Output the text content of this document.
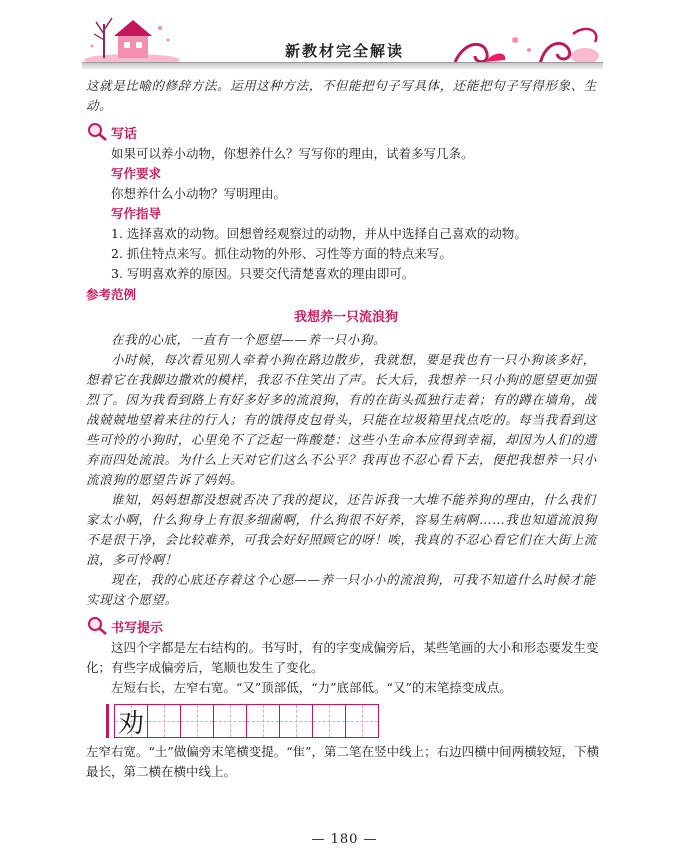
新教材完全解读

这就是比喻的修辞方法。运用这种方法，不但能把句子写具体，还能把句子写得形象、生动。

写话

如果可以养小动物，你想养什么？写写你的理由，试着多写几条。

写作要求

你想养什么小动物？写明理由。

写作指导

1. 选择喜欢的动物。回想曾经观察过的动物，并从中选择自己喜欢的动物。

2. 抓住特点来写。抓住动物的外形、习性等方面的特点来写。

3. 写明喜欢养的原因。只要交代清楚喜欢的理由即可。

参考范例

我想养一只流浪狗

在我的心底，一直有一个愿望——养一只小狗。

小时候，每次看见别人牵着小狗在路边散步，我就想，要是我也有一只小狗该多好，想着它在我脚边撒欢的模样，我忍不住笑出了声。长大后，我想养一只小狗的愿望更加强烈了。因为我看到路上有好多好多的流浪狗，有的在街头孤独行走着；有的蹲在墙角，战战兢兢地望着来往的行人；有的饿得皮包骨头，只能在垃圾箱里找点吃的。每当我看到这些可怜的小狗时，心里免不了泛起一阵酸楚：这些小生命本应得到幸福，却因为人们的遗弃而四处流浪。为什么上天对它们这么不公平？我再也不忍心看下去，便把我想养一只小流浪狗的愿望告诉了妈妈。

谁知，妈妈想都没想就否决了我的提议，还告诉我一大堆不能养狗的理由，什么我们家太小啊，什么狗身上有很多细菌啊，什么狗很不好养，容易生病啊……我也知道流浪狗不是很干净，会比较难养，可我会好好照顾它的呀！唉，我真的不忍心看它们在大街上流浪，多可怜啊！

现在，我的心底还存着这个心愿——养一只小小的流浪狗，可我不知道什么时候才能实现这个愿望。

书写提示

这四个字都是左右结构的。书写时，有的字变成偏旁后，某些笔画的大小和形态要发生变化；有些字成偏旁后，笔顺也发生了变化。

左短右长，左窄右宽。“又”顶部低，“力”底部低。“又”的末笔捺变成点。

劝

左窄右宽。“土”做偏旁末笔横变提。“隹”，第二笔在竖中线上；右边四横中间两横较短，下横最长，第二横在横中线上。

— 180 —
